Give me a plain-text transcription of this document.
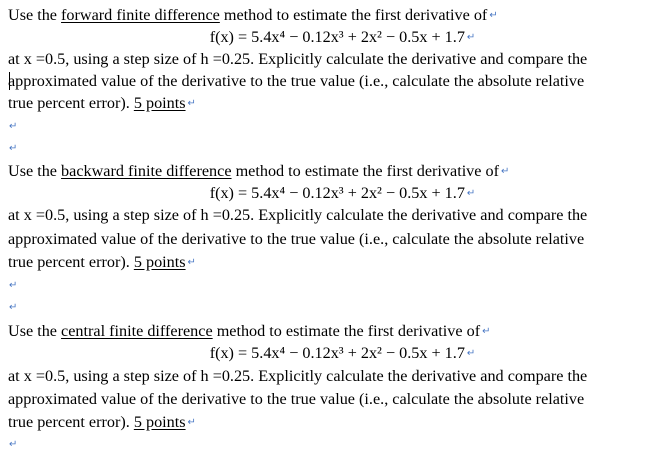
Use the forward finite difference method to estimate the first derivative of ↵
f(x) = 5.4x⁴ − 0.12x³ + 2x² − 0.5x + 1.7 ↵
at x =0.5, using a step size of h =0.25. Explicitly calculate the derivative and compare the
approximated value of the derivative to the true value (i.e., calculate the absolute relative
true percent error). 5 points ↵
↵
↵
Use the backward finite difference method to estimate the first derivative of ↵
f(x) = 5.4x⁴ − 0.12x³ + 2x² − 0.5x + 1.7 ↵
at x =0.5, using a step size of h =0.25. Explicitly calculate the derivative and compare the
approximated value of the derivative to the true value (i.e., calculate the absolute relative
true percent error). 5 points ↵
↵
↵
Use the central finite difference method to estimate the first derivative of ↵
f(x) = 5.4x⁴ − 0.12x³ + 2x² − 0.5x + 1.7 ↵
at x =0.5, using a step size of h =0.25. Explicitly calculate the derivative and compare the
approximated value of the derivative to the true value (i.e., calculate the absolute relative
true percent error). 5 points ↵
↵
